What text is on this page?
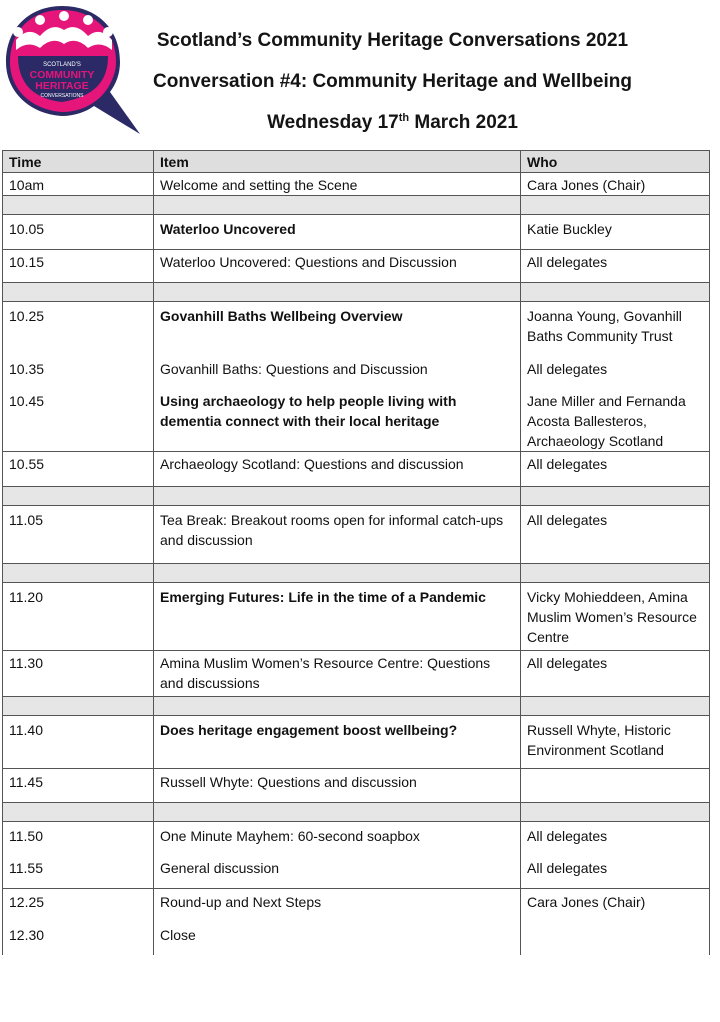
SCOTLAND'S
COMMUNITY
HERITAGE
CONVERSATIONS
Scotland’s Community Heritage Conversations 2021
Conversation #4: Community Heritage and Wellbeing
Wednesday 17th March 2021
Time	Item	Who
10am	Welcome and setting the Scene	Cara Jones (Chair)

10.05	Waterloo Uncovered	Katie Buckley
10.15	Waterloo Uncovered: Questions and Discussion	All delegates

10.25	Govanhill Baths Wellbeing Overview	Joanna Young, Govanhill Baths Community Trust
10.35	Govanhill Baths: Questions and Discussion	All delegates
10.45	Using archaeology to help people living with dementia connect with their local heritage	Jane Miller and Fernanda Acosta Ballesteros, Archaeology Scotland
10.55	Archaeology Scotland: Questions and discussion	All delegates

11.05	Tea Break: Breakout rooms open for informal catch-ups and discussion	All delegates

11.20	Emerging Futures: Life in the time of a Pandemic	Vicky Mohieddeen, Amina Muslim Women’s Resource Centre
11.30	Amina Muslim Women’s Resource Centre: Questions and discussions	All delegates

11.40	Does heritage engagement boost wellbeing?	Russell Whyte, Historic Environment Scotland
11.45	Russell Whyte: Questions and discussion	

11.50	One Minute Mayhem: 60-second soapbox	All delegates
11.55	General discussion	All delegates
12.25	Round-up and Next Steps	Cara Jones (Chair)
12.30	Close	
